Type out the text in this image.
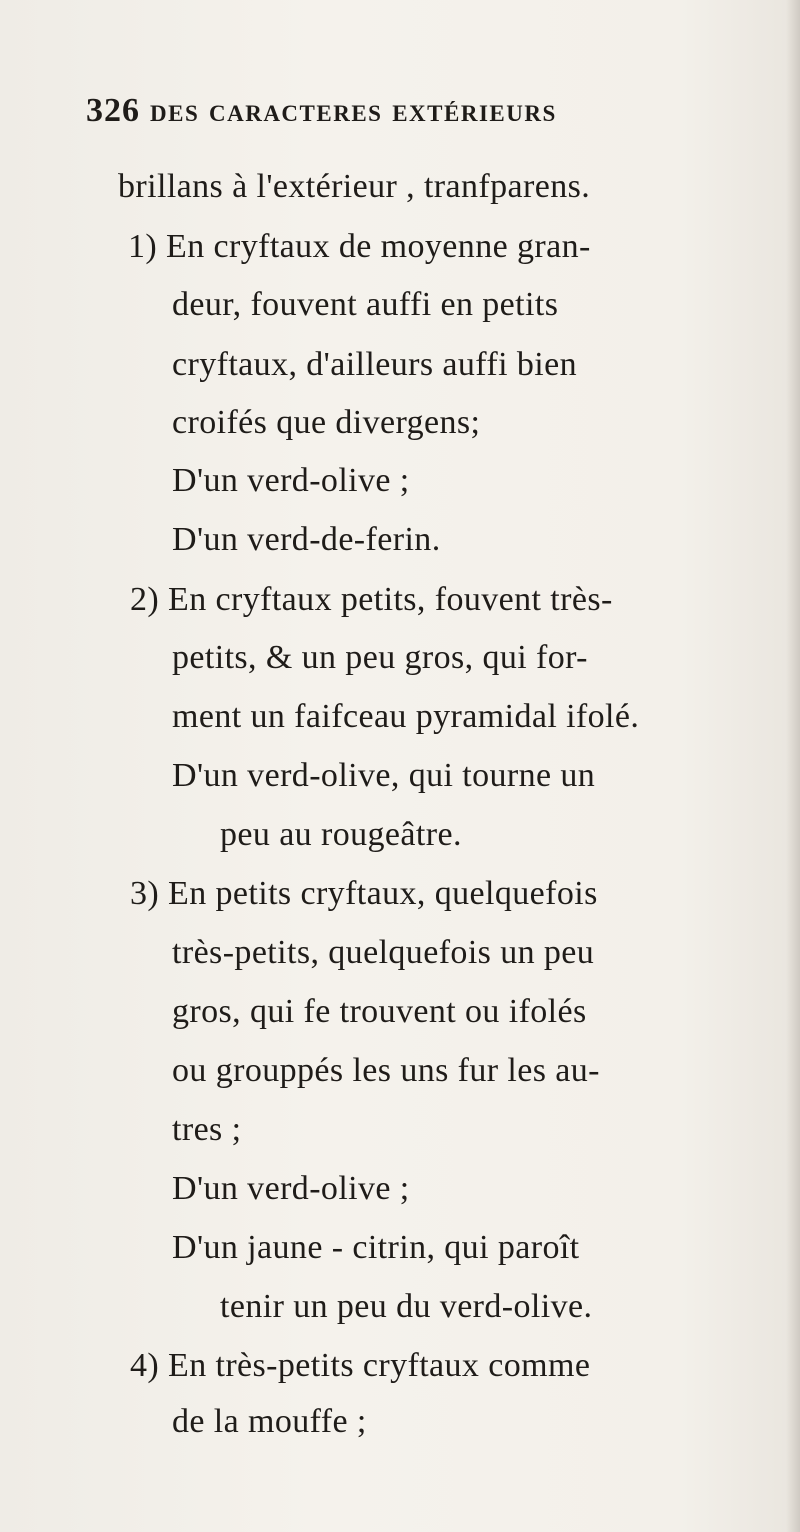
326 des caracteres extérieurs
brillans à l'extérieur , tranfparens.
1) En cryftaux de moyenne gran-
deur, fouvent auffi en petits
cryftaux, d'ailleurs auffi bien
croifés que divergens;
D'un verd-olive ;
D'un verd-de-ferin.
2) En cryftaux petits, fouvent très-
petits, & un peu gros, qui for-
ment un faifceau pyramidal ifolé.
D'un verd-olive, qui tourne un
peu au rougeâtre.
3) En petits cryftaux, quelquefois
très-petits, quelquefois un peu
gros, qui fe trouvent ou ifolés
ou grouppés les uns fur les au-
tres ;
D'un verd-olive ;
D'un jaune - citrin, qui paroît
tenir un peu du verd-olive.
4) En très-petits cryftaux comme
de la mouffe ;
